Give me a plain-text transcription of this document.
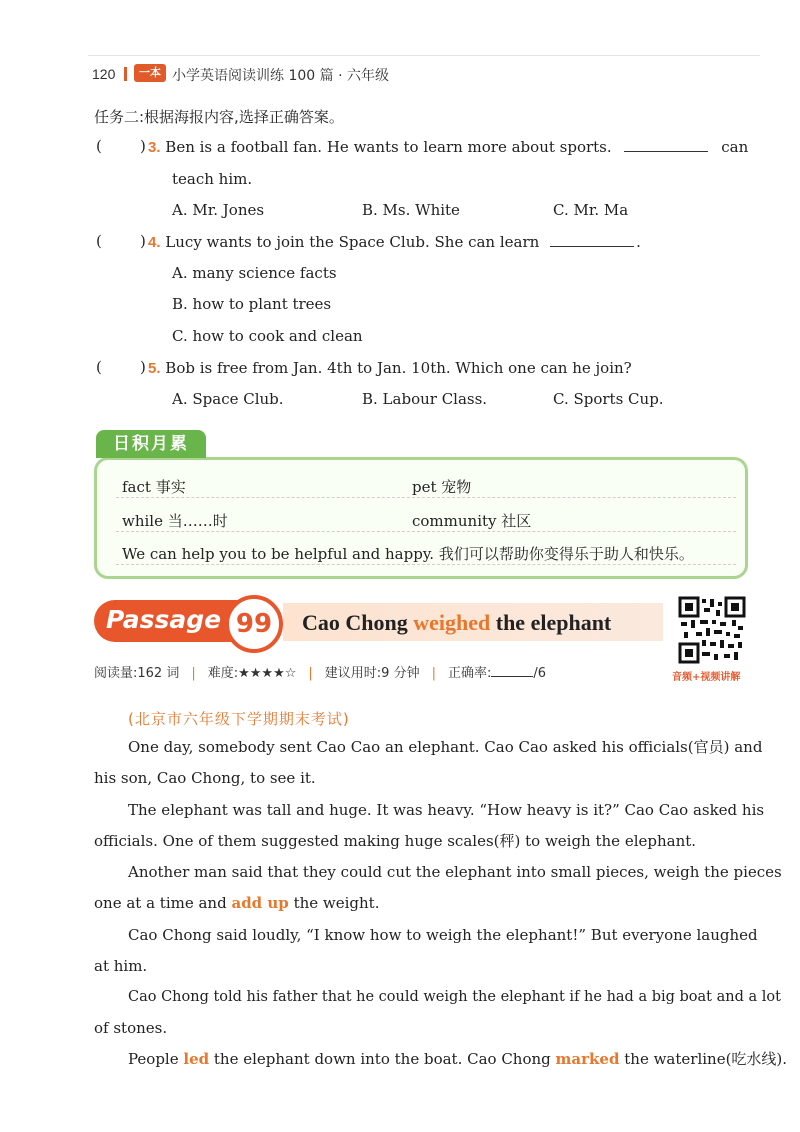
120	一本 小学英语阅读训练 100 篇 · 六年级
任务二:根据海报内容,选择正确答案。
(	) 3. Ben is a football fan. He wants to learn more about sports.	can
teach him.
A. Mr. Jones	B. Ms. White	C. Mr. Ma
(	) 4. Lucy wants to join the Space Club. She can learn	.
A. many science facts
B. how to plant trees
C. how to cook and clean
(	) 5. Bob is free from Jan. 4th to Jan. 10th. Which one can he join?
A. Space Club.	B. Labour Class.	C. Sports Cup.
日积月累
fact 事实	pet 宠物
while 当……时	community 社区
We can help you to be helpful and happy. 我们可以帮助你变得乐于助人和快乐。
Passage 99	Cao Chong weighed the elephant
音频+视频讲解
阅读量:162 词 | 难度:★★★★☆ | 建议用时:9 分钟 | 正确率:	/6
(北京市六年级下学期期末考试)
One day, somebody sent Cao Cao an elephant. Cao Cao asked his officials(官员) and
his son, Cao Chong, to see it.
The elephant was tall and huge. It was heavy. “How heavy is it?” Cao Cao asked his
officials. One of them suggested making huge scales(秤) to weigh the elephant.
Another man said that they could cut the elephant into small pieces, weigh the pieces
one at a time and add up the weight.
Cao Chong said loudly, “I know how to weigh the elephant!” But everyone laughed
at him.
Cao Chong told his father that he could weigh the elephant if he had a big boat and a lot
of stones.
People led the elephant down into the boat. Cao Chong marked the waterline(吃水线).
